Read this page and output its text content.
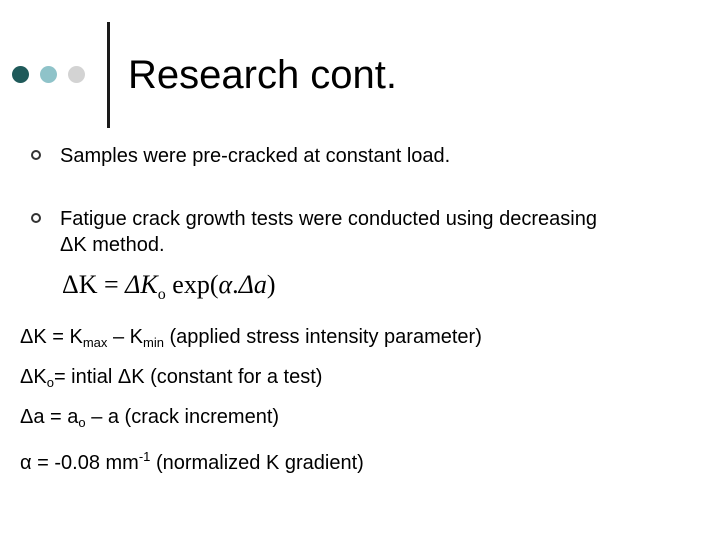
Research cont.
Samples were pre-cracked at constant load.
Fatigue crack growth tests were conducted using decreasing ΔK method.
$\Delta K = \Delta K_o$ exp(α.Δa)
$\Delta K = K_{max} - K_{min}$ (applied stress intensity parameter)
$\Delta K_o=$ intial ΔK (constant for a test)
$\Delta a = a_o - a$ (crack increment)
α = -0.08 $mm^{-1}$ (normalized K gradient)
